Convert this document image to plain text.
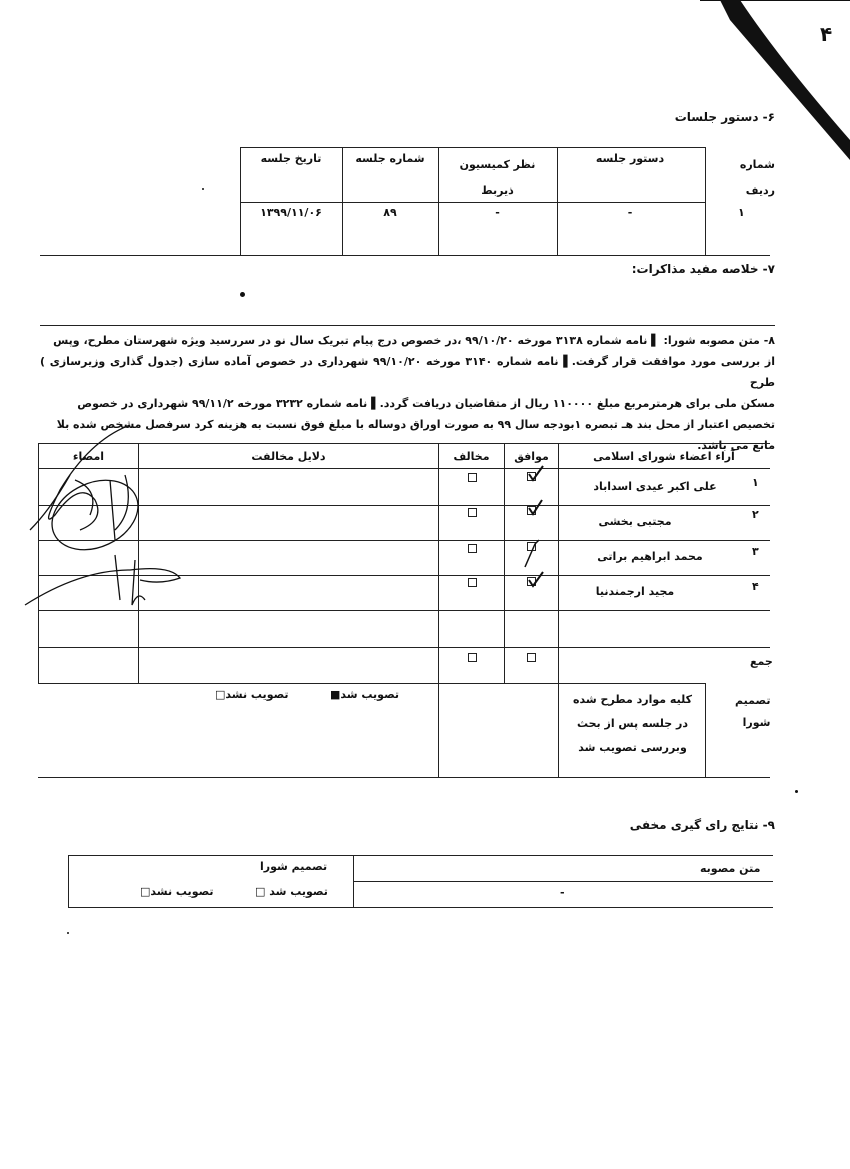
۴
۶- دستور جلسات
شماره
ردیف
دستور جلسه
نظر کمیسیون
ذیربط
شماره جلسه
تاریخ جلسه
۱
-
-
۸۹
۱۳۹۹/۱۱/۰۶
۷- خلاصه مفید مذاکرات:
۸- متن مصوبه شورا: ▌ نامه شماره ۳۱۳۸ مورخه ۹۹/۱۰/۲۰ ،در خصوص درج پیام تبریک سال نو در سررسید ویژه شهرستان مطرح، وپس
از بررسی مورد موافقت قرار گرفت.▌ نامه شماره ۳۱۴۰ مورخه ۹۹/۱۰/۲۰ شهرداری در خصوص آماده سازی (جدول گذاری وزیرسازی ) طرح
مسکن ملی برای هرمترمربع مبلغ ۱۱۰۰۰۰ ریال از متقاضیان دریافت گردد.▌ نامه شماره ۳۲۳۲ مورخه ۹۹/۱۱/۲ شهرداری در خصوص
تخصیص اعتبار از محل بند هـ تبصره ۱بودجه سال ۹۹ به صورت اوراق دوساله با مبلغ فوق نسبت به هزینه کرد سرفصل مشخص شده بلا
مانع می باشد.
آراء اعضاء شورای اسلامی
موافق
مخالف
دلایل مخالفت
امضاء
۱
علی اکبر عیدی اسداباد
۲
مجتبی بخشی
۳
محمد ابراهیم براتی
۴
مجید ارجمندنیا
جمع
تصمیم
شورا
کلیه موارد مطرح شده
در جلسه پس از بحث
وبررسی تصویب شد
تصویب شد■
تصویب نشد□
۹- نتایج رای گیری مخفی
متن مصوبه
تصمیم شورا
-
تصویب شد □
تصویب نشد□
